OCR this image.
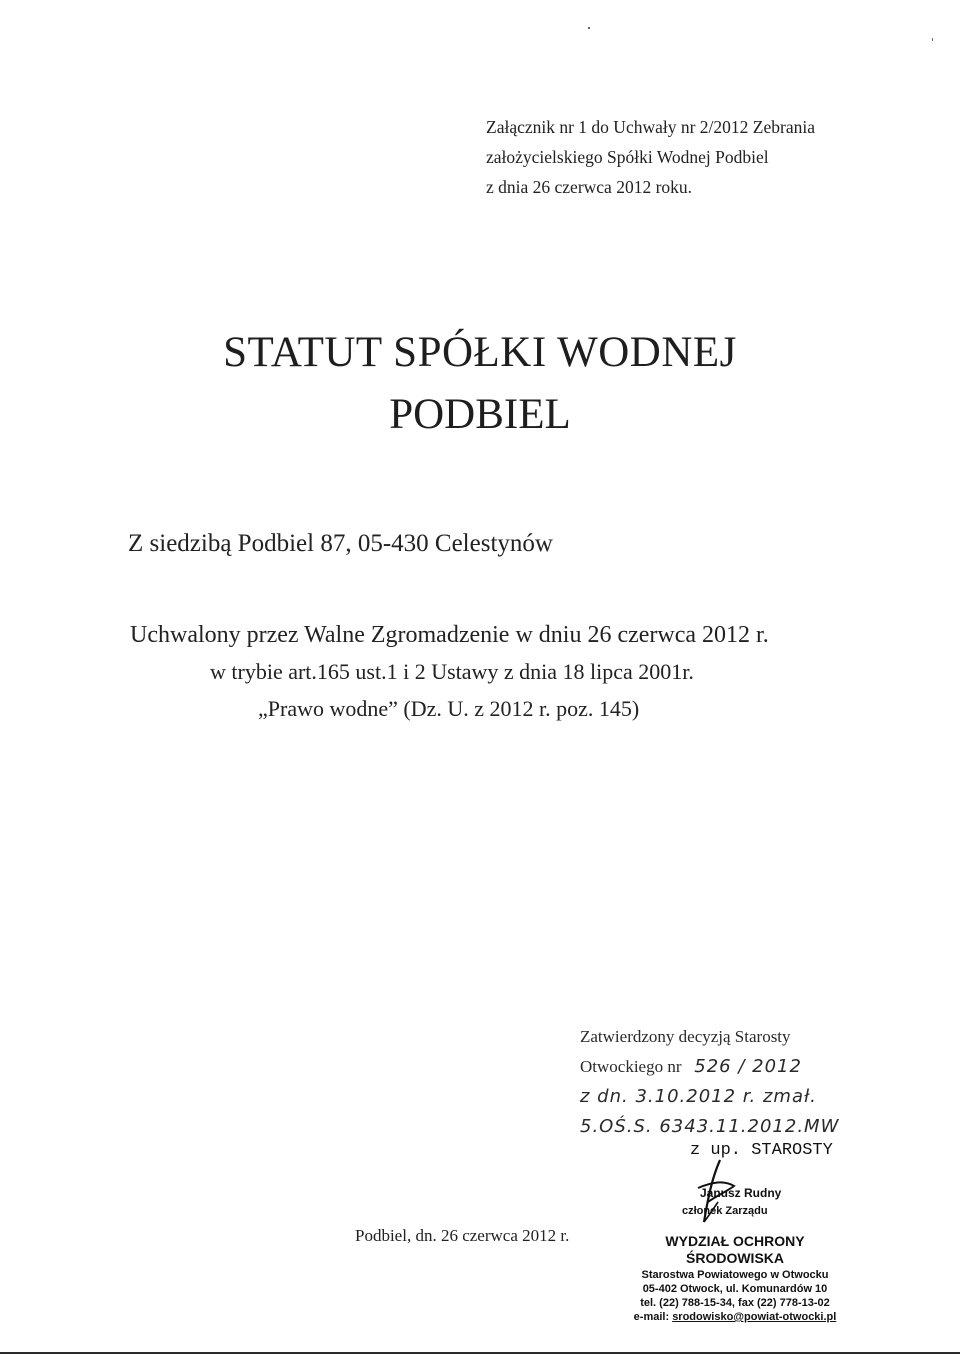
Załącznik nr 1 do Uchwały nr 2/2012 Zebrania
założycielskiego Spółki Wodnej Podbiel
z dnia 26 czerwca 2012 roku.
STATUT SPÓŁKI WODNEJ
PODBIEL
Z siedzibą Podbiel 87, 05-430 Celestynów
Uchwalony przez Walne Zgromadzenie w dniu 26 czerwca 2012 r.
w trybie art.165 ust.1 i 2 Ustawy z dnia 18 lipca 2001r.
„Prawo wodne” (Dz. U. z 2012 r. poz. 145)
Zatwierdzony decyzją Starosty
Otwockiego nr 526 / 2012
z dn. 3.10.2012 r. zmał.
5.OŚ.S. 6343.11.2012.MW
z up. STAROSTY
Janusz Rudny
członek Zarządu
Podbiel, dn. 26 czerwca 2012 r.	WYDZIAŁ OCHRONY
ŚRODOWISKA
Starostwa Powiatowego w Otwocku
05-402 Otwock, ul. Komunardów 10
tel. (22) 788-15-34, fax (22) 778-13-02
e-mail: srodowisko@powiat-otwocki.pl
